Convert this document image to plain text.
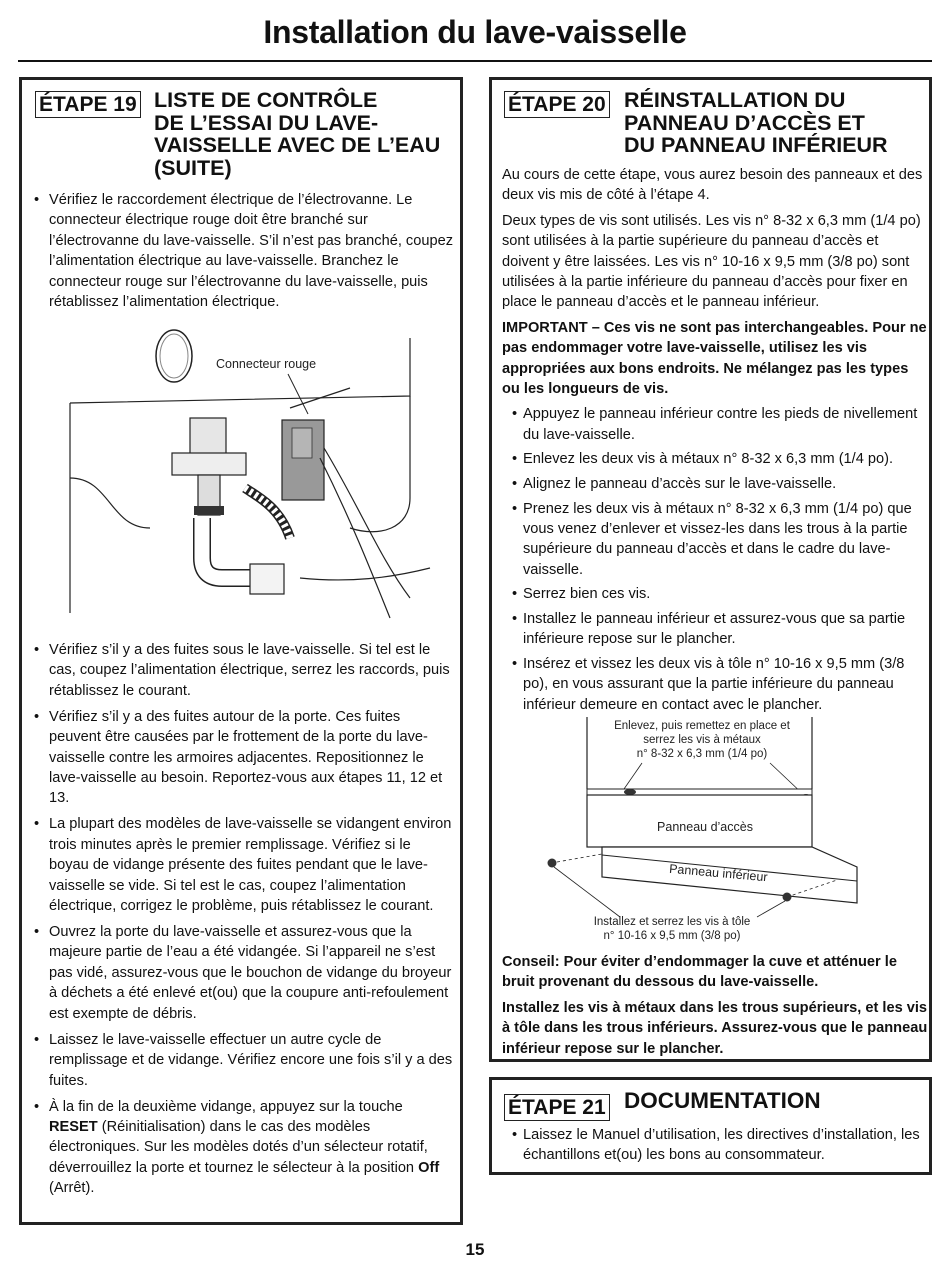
Installation du lave-vaisselle
ÉTAPE 19 LISTE DE CONTRÔLE
DE L’ESSAI DU LAVE-
VAISSELLE AVEC DE L’EAU
(SUITE)
• Vérifiez le raccordement électrique de l’électrovanne. Le connecteur électrique rouge doit être branché sur l’électrovanne du lave-vaisselle. S’il n’est pas branché, coupez l’alimentation électrique au lave-vaisselle. Branchez le connecteur rouge sur l’électrovanne du lave-vaisselle, puis rétablissez l’alimentation électrique.
Connecteur rouge
• Vérifiez s’il y a des fuites sous le lave-vaisselle. Si tel est le cas, coupez l’alimentation électrique, serrez les raccords, puis rétablissez le courant.
• Vérifiez s’il y a des fuites autour de la porte. Ces fuites peuvent être causées par le frottement de la porte du lave-vaisselle contre les armoires adjacentes. Repositionnez le lave-vaisselle au besoin. Reportez-vous aux étapes 11, 12 et 13.
• La plupart des modèles de lave-vaisselle se vidangent environ trois minutes après le premier remplissage. Vérifiez si le boyau de vidange présente des fuites pendant que le lave-vaisselle se vide. Si tel est le cas, coupez l’alimentation électrique, corrigez le problème, puis rétablissez le courant.
• Ouvrez la porte du lave-vaisselle et assurez-vous que la majeure partie de l’eau a été vidangée. Si l’appareil ne s’est pas vidé, assurez-vous que le bouchon de vidange du broyeur à déchets a été enlevé et(ou) que la coupure anti-refoulement est exempte de débris.
• Laissez le lave-vaisselle effectuer un autre cycle de remplissage et de vidange. Vérifiez encore une fois s’il y a des fuites.
• À la fin de la deuxième vidange, appuyez sur la touche RESET (Réinitialisation) dans le cas des modèles électroniques. Sur les modèles dotés d’un sélecteur rotatif, déverrouillez la porte et tournez le sélecteur à la position Off (Arrêt).
ÉTAPE 20 RÉINSTALLATION DU
PANNEAU D’ACCÈS ET
DU PANNEAU INFÉRIEUR

Au cours de cette étape, vous aurez besoin des panneaux et des deux vis mis de côté à l’étape 4.

Deux types de vis sont utilisés. Les vis n° 8-32 x 6,3 mm (1/4 po) sont utilisées à la partie supérieure du panneau d’accès et doivent y être laissées. Les vis n° 10-16 x 9,5 mm (3/8 po) sont utilisées à la partie inférieure du panneau d’accès pour fixer en place le panneau d’accès et le panneau inférieur.

IMPORTANT – Ces vis ne sont pas interchangeables. Pour ne pas endommager votre lave-vaisselle, utilisez les vis appropriées aux bons endroits. Ne mélangez pas les types ou les longueurs de vis.

• Appuyez le panneau inférieur contre les pieds de nivellement du lave-vaisselle.
• Enlevez les deux vis à métaux n° 8-32 x 6,3 mm (1/4 po).
• Alignez le panneau d’accès sur le lave-vaisselle.
• Prenez les deux vis à métaux n° 8-32 x 6,3 mm (1/4 po) que vous venez d’enlever et vissez-les dans les trous à la partie supérieure du panneau d’accès et dans le cadre du lave-vaisselle.
• Serrez bien ces vis.
• Installez le panneau inférieur et assurez-vous que sa partie inférieure repose sur le plancher.
• Insérez et vissez les deux vis à tôle n° 10-16 x 9,5 mm (3/8 po), en vous assurant que la partie inférieure du panneau inférieur demeure en contact avec le plancher.
Enlevez, puis remettez en place et
serrez les vis à métaux
n° 8-32 x 6,3 mm (1/4 po)
Panneau d’accès
Panneau inférieur
Installez et serrez les vis à tôle
n° 10-16 x 9,5 mm (3/8 po)

Conseil: Pour éviter d’endommager la cuve et atténuer le bruit provenant du dessous du lave-vaisselle.

Installez les vis à métaux dans les trous supérieurs, et les vis à tôle dans les trous inférieurs. Assurez-vous que le panneau inférieur repose sur le plancher.

ÉTAPE 21 DOCUMENTATION
• Laissez le Manuel d’utilisation, les directives d’installation, les échantillons et(ou) les bons au consommateur.
15
